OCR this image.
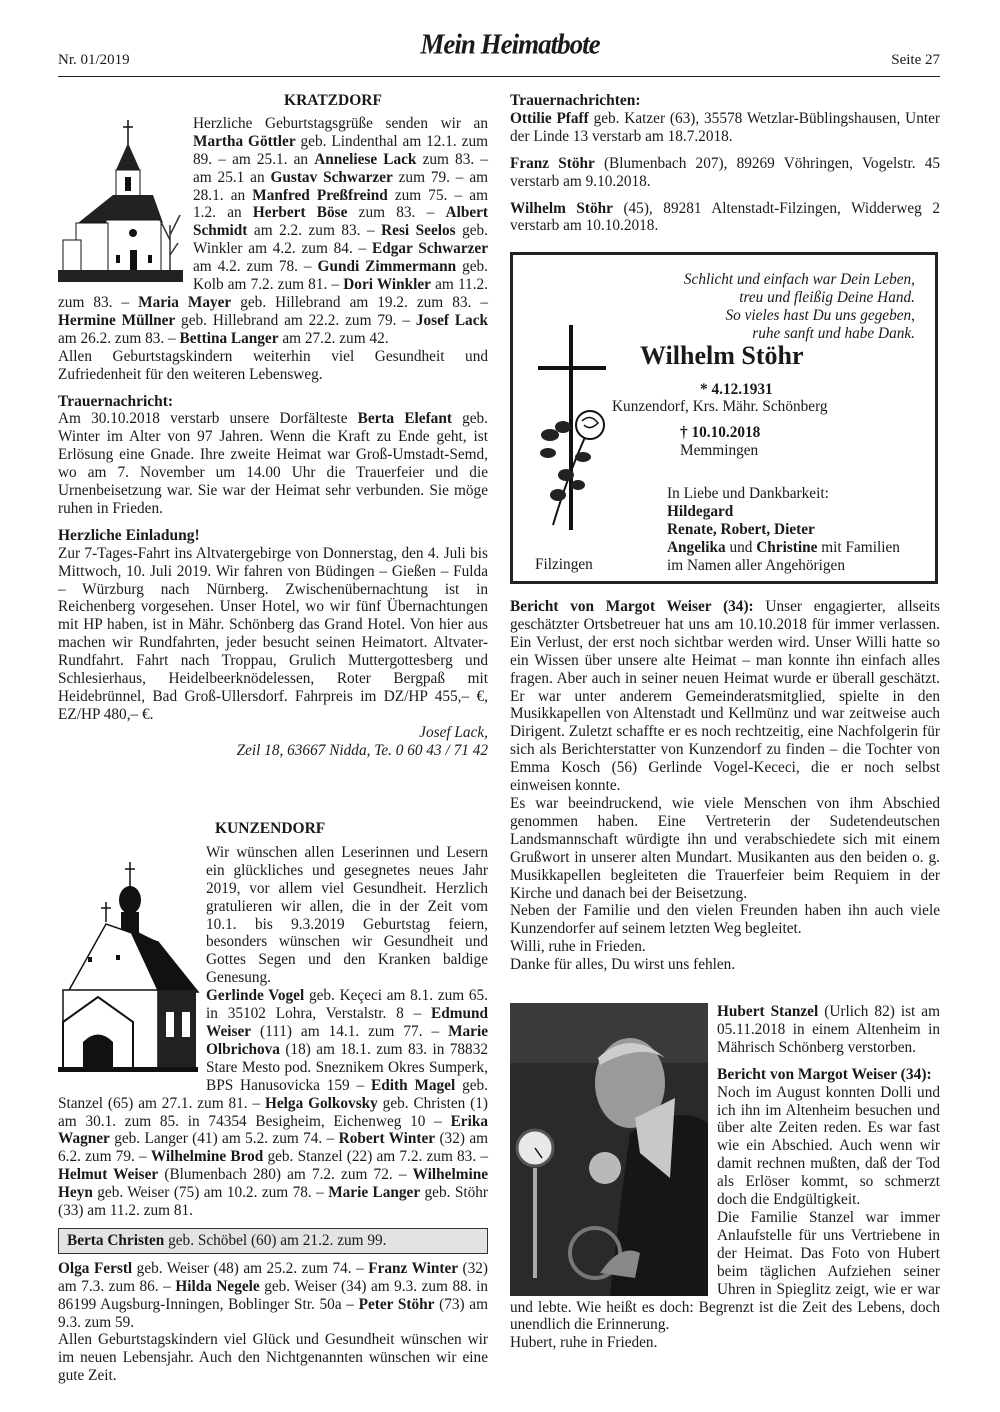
Nr. 01/2019
Mein Heimatbote
Seite 27
KRATZDORF

Herzliche Geburtstagsgrüße senden wir an Martha Göttler geb. Lindenthal am 12.1. zum 89. – am 25.1. an Anneliese Lack zum 83. – am 25.1 an Gustav Schwarzer zum 79. – am 28.1. an Manfred Preßfreind zum 75. – am 1.2. an Herbert Böse zum 83. – Albert Schmidt am 2.2. zum 83. – Resi Seelos geb. Winkler am 4.2. zum 84. – Edgar Schwarzer am 4.2. zum 78. – Gundi Zimmermann geb. Kolb am 7.2. zum 81. – Dori Winkler am 11.2. zum 83. – Maria Mayer geb. Hillebrand am 19.2. zum 83. – Hermine Müllner geb. Hillebrand am 22.2. zum 79. – Josef Lack am 26.2. zum 83. – Bettina Langer am 27.2. zum 42.

Allen Geburtstagskindern weiterhin viel Gesundheit und Zufriedenheit für den weiteren Lebensweg.

Trauernachricht:

Am 30.10.2018 verstarb unsere Dorfälteste Berta Elefant geb. Winter im Alter von 97 Jahren. Wenn die Kraft zu Ende geht, ist Erlösung eine Gnade. Ihre zweite Heimat war Groß-Umstadt-Semd, wo am 7. November um 14.00 Uhr die Trauerfeier und die Urnenbeisetzung war. Sie war der Heimat sehr verbunden. Sie möge ruhen in Frieden.

Herzliche Einladung!

Zur 7-Tages-Fahrt ins Altvatergebirge von Donnerstag, den 4. Juli bis Mittwoch, 10. Juli 2019. Wir fahren von Büdingen – Gießen – Fulda – Würzburg nach Nürnberg. Zwischenübernachtung ist in Reichenberg vorgesehen. Unser Hotel, wo wir fünf Übernachtungen mit HP haben, ist in Mähr. Schönberg das Grand Hotel. Von hier aus machen wir Rundfahrten, jeder besucht seinen Heimatort. Altvater-Rundfahrt. Fahrt nach Troppau, Grulich Muttergottesberg und Schlesierhaus, Heidelbeerknödelessen, Roter Bergpaß mit Heidebrünnel, Bad Groß-Ullersdorf. Fahrpreis im DZ/HP 455,– €, EZ/HP 480,– €.

Josef Lack,
Zeil 18, 63667 Nidda, Te. 0 60 43 / 71 42
KUNZENDORF

Wir wünschen allen Leserinnen und Lesern ein glückliches und gesegnetes neues Jahr 2019, vor allem viel Gesundheit. Herzlich gratulieren wir allen, die in der Zeit vom 10.1. bis 9.3.2019 Geburtstag feiern, besonders wünschen wir Gesundheit und Gottes Segen und den Kranken baldige Genesung.

Gerlinde Vogel geb. Keçeci am 8.1. zum 65. in 35102 Lohra, Verstalstr. 8 – Edmund Weiser (111) am 14.1. zum 77. – Marie Olbrichova (18) am 18.1. zum 83. in 78832 Stare Mesto pod. Sneznikem Okres Sumperk, BPS Hanusovicka 159 – Edith Magel geb. Stanzel (65) am 27.1. zum 81. – Helga Golkovsky geb. Christen (1) am 30.1. zum 85. in 74354 Besigheim, Eichenweg 10 – Erika Wagner geb. Langer (41) am 5.2. zum 74. – Robert Winter (32) am 6.2. zum 79. – Wilhelmine Brod geb. Stanzel (22) am 7.2. zum 83. – Helmut Weiser (Blumenbach 280) am 7.2. zum 72. – Wilhelmine Heyn geb. Weiser (75) am 10.2. zum 78. – Marie Langer geb. Stöhr (33) am 11.2. zum 81.

Berta Christen geb. Schöbel (60) am 21.2. zum 99.

Olga Ferstl geb. Weiser (48) am 25.2. zum 74. – Franz Winter (32) am 7.3. zum 86. – Hilda Negele geb. Weiser (34) am 9.3. zum 88. in 86199 Augsburg-Inningen, Boblinger Str. 50a – Peter Stöhr (73) am 9.3. zum 59.

Allen Geburtstagskindern viel Glück und Gesundheit wünschen wir im neuen Lebensjahr. Auch den Nichtgenannten wünschen wir eine gute Zeit.

Trauernachrichten:

Ottilie Pfaff geb. Katzer (63), 35578 Wetzlar-Büblingshausen, Unter der Linde 13 verstarb am 18.7.2018.

Franz Stöhr (Blumenbach 207), 89269 Vöhringen, Vogelstr. 45 verstarb am 9.10.2018.

Wilhelm Stöhr (45), 89281 Altenstadt-Filzingen, Widderweg 2 verstarb am 10.10.2018.

Schlicht und einfach war Dein Leben,
treu und fleißig Deine Hand.
So vieles hast Du uns gegeben,
ruhe sanft und habe Dank.
Wilhelm Stöhr
* 4.12.1931
Kunzendorf, Krs. Mähr. Schönberg
† 10.10.2018
Memmingen
In Liebe und Dankbarkeit:
Hildegard
Renate, Robert, Dieter
Angelika und Christine mit Familien
im Namen aller Angehörigen
Filzingen

Bericht von Margot Weiser (34): Unser engagierter, allseits geschätzter Ortsbetreuer hat uns am 10.10.2018 für immer verlassen. Ein Verlust, der erst noch sichtbar werden wird. Unser Willi hatte so ein Wissen über unsere alte Heimat – man konnte ihn einfach alles fragen. Aber auch in seiner neuen Heimat wurde er überall geschätzt. Er war unter anderem Gemeinderatsmitglied, spielte in den Musikkapellen von Altenstadt und Kellmünz und war zeitweise auch Dirigent. Zuletzt schaffte er es noch rechtzeitig, eine Nachfolgerin für sich als Berichterstatter von Kunzendorf zu finden – die Tochter von Emma Kosch (56) Gerlinde Vogel-Kececi, die er noch selbst einweisen konnte.

Es war beeindruckend, wie viele Menschen von ihm Abschied genommen haben. Eine Vertreterin der Sudetendeutschen Landsmannschaft würdigte ihn und verabschiedete sich mit einem Grußwort in unserer alten Mundart. Musikanten aus den beiden o. g. Musikkapellen begleiteten die Trauerfeier beim Requiem in der Kirche und danach bei der Beisetzung.

Neben der Familie und den vielen Freunden haben ihn auch viele Kunzendorfer auf seinem letzten Weg begleitet.

Willi, ruhe in Frieden.

Danke für alles, Du wirst uns fehlen.

Hubert Stanzel (Urlich 82) ist am 05.11.2018 in einem Altenheim in Mährisch Schönberg verstorben.

Bericht von Margot Weiser (34):

Noch im August konnten Dolli und ich ihn im Altenheim besuchen und über alte Zeiten reden. Es war fast wie ein Abschied. Auch wenn wir damit rechnen mußten, daß der Tod als Erlöser kommt, so schmerzt doch die Endgültigkeit.

Die Familie Stanzel war immer Anlaufstelle für uns Vertriebene in der Heimat. Das Foto von Hubert beim täglichen Aufziehen seiner Uhren in Spieglitz zeigt, wie er war und lebte. Wie heißt es doch: Begrenzt ist die Zeit des Lebens, doch unendlich die Erinnerung.

Hubert, ruhe in Frieden.
